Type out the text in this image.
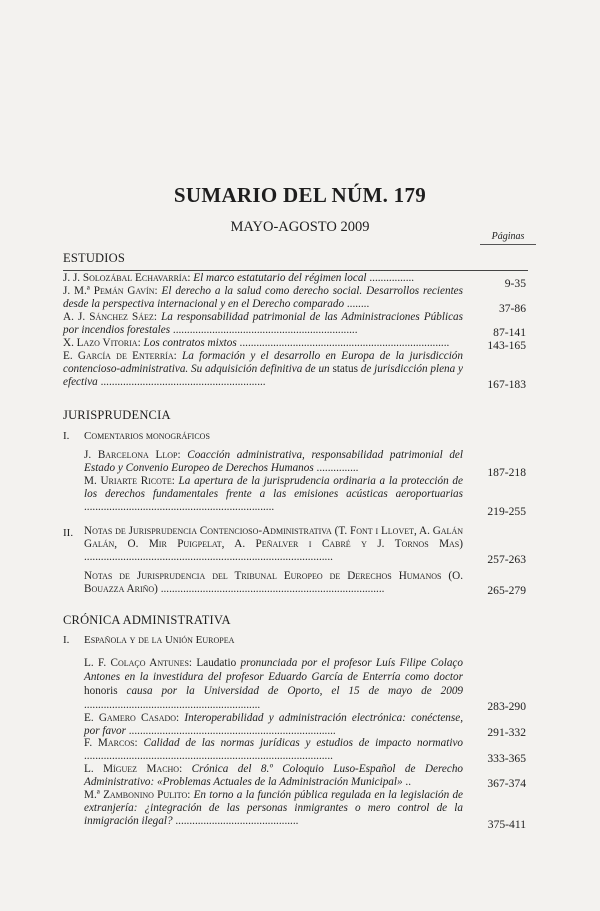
SUMARIO DEL NÚM. 179
MAYO-AGOSTO 2009
Páginas
ESTUDIOS
J. J. Solozábal Echavarría: El marco estatutario del régimen local ................	9-35
J. M.ª Pemán Gavín: El derecho a la salud como derecho social. Desarrollos recientes desde la perspectiva internacional y en el Derecho comparado ........	37-86
A. J. Sánchez Sáez: La responsabilidad patrimonial de las Administraciones Públicas por incendios forestales ..................................................................	87-141
X. Lazo Vitoria: Los contratos mixtos ...........................................................................	143-165
E. García de Enterría: La formación y el desarrollo en Europa de la jurisdicción contencioso-administrativa. Su adquisición definitiva de un status de jurisdicción plena y efectiva ...........................................................	167-183
JURISPRUDENCIA
I. Comentarios monográficos
J. Barcelona Llop: Coacción administrativa, responsabilidad patrimonial del Estado y Convenio Europeo de Derechos Humanos ...............	187-218
M. Uriarte Ricote: La apertura de la jurisprudencia ordinaria a la protección de los derechos fundamentales frente a las emisiones acústicas aeroportuarias ....................................................................	219-255
II. Notas de Jurisprudencia Contencioso-Administrativa (T. Font i Llovet, A. Galán Galán, O. Mir Puigpelat, A. Peñalver i Cabré y J. Tornos Mas) .........................................................................................	257-263
Notas de Jurisprudencia del Tribunal Europeo de Derechos Humanos (O. Bouazza Ariño) ................................................................................	265-279
CRÓNICA ADMINISTRATIVA
I. Española y de la Unión Europea
L. F. Colaço Antunes: Laudatio pronunciada por el profesor Luís Filipe Colaço Antones en la investidura del profesor Eduardo García de Enterría como doctor honoris causa por la Universidad de Oporto, el 15 de mayo de 2009 ...............................................................	283-290
E. Gamero Casado: Interoperabilidad y administración electrónica: conéctense, por favor ..........................................................................	291-332
F. Marcos: Calidad de las normas jurídicas y estudios de impacto normativo .........................................................................................	333-365
L. Míguez Macho: Crónica del 8.º Coloquio Luso-Español de Derecho Administrativo: «Problemas Actuales de la Administración Municipal» ..	367-374
M.ª Zambonino Pulito: En torno a la función pública regulada en la legislación de extranjería: ¿integración de las personas inmigrantes o mero control de la inmigración ilegal? ............................................	375-411
